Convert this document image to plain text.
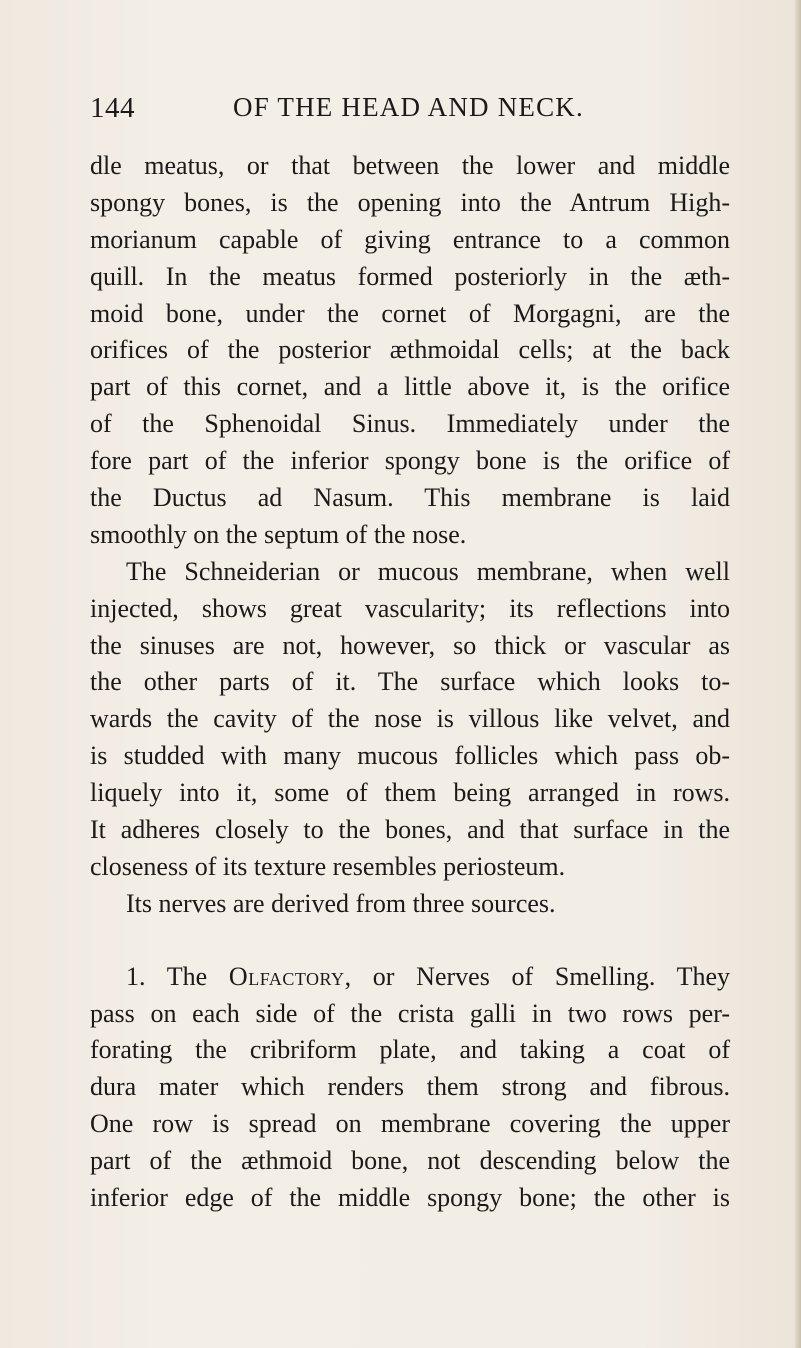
144	OF THE HEAD AND NECK.
dle meatus, or that between the lower and middle
spongy bones, is the opening into the Antrum High-
morianum capable of giving entrance to a common
quill. In the meatus formed posteriorly in the æth-
moid bone, under the cornet of Morgagni, are the
orifices of the posterior æthmoidal cells; at the back
part of this cornet, and a little above it, is the orifice
of the Sphenoidal Sinus. Immediately under the
fore part of the inferior spongy bone is the orifice of
the Ductus ad Nasum. This membrane is laid
smoothly on the septum of the nose.
The Schneiderian or mucous membrane, when well
injected, shows great vascularity; its reflections into
the sinuses are not, however, so thick or vascular as
the other parts of it. The surface which looks to-
wards the cavity of the nose is villous like velvet, and
is studded with many mucous follicles which pass ob-
liquely into it, some of them being arranged in rows.
It adheres closely to the bones, and that surface in the
closeness of its texture resembles periosteum.
Its nerves are derived from three sources.
1. The Olfactory, or Nerves of Smelling. They
pass on each side of the crista galli in two rows per-
forating the cribriform plate, and taking a coat of
dura mater which renders them strong and fibrous.
One row is spread on membrane covering the upper
part of the æthmoid bone, not descending below the
inferior edge of the middle spongy bone; the other is
